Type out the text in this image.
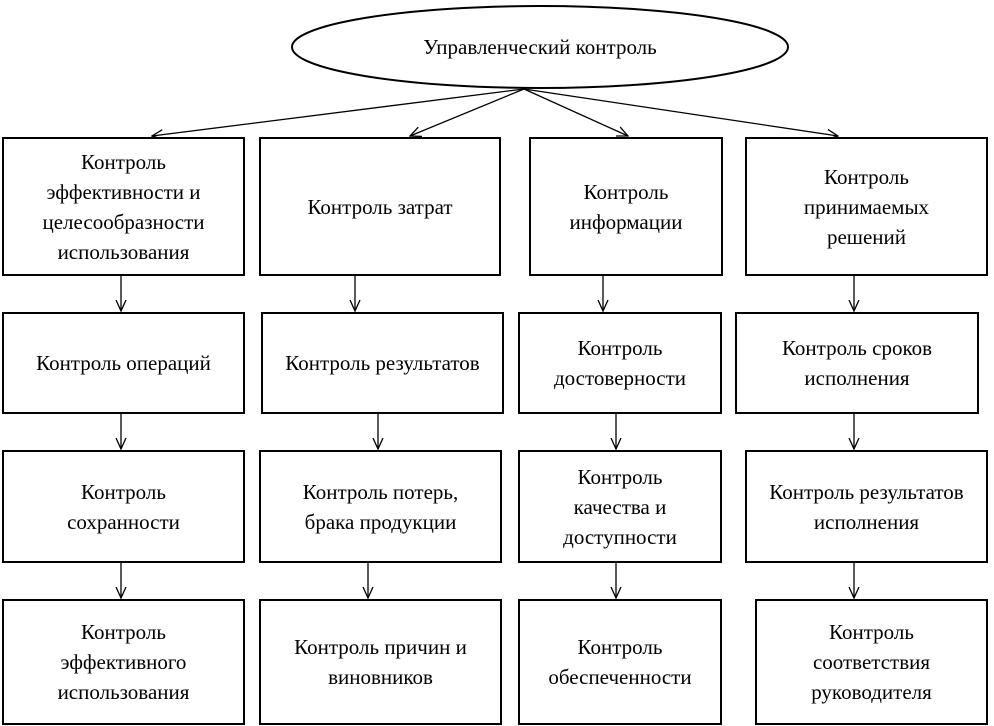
Управленческий контроль
Контроль
эффективности и
целесообразности
использования
Контроль операций
Контроль
сохранности
Контроль
эффективного
использования
Контроль затрат
Контроль результатов
Контроль потерь,
брака продукции
Контроль причин и
виновников
Контроль
информации
Контроль
достоверности
Контроль
качества и
доступности
Контроль
обеспеченности
Контроль
принимаемых
решений
Контроль сроков
исполнения
Контроль результатов
исполнения
Контроль
соответствия
руководителя
